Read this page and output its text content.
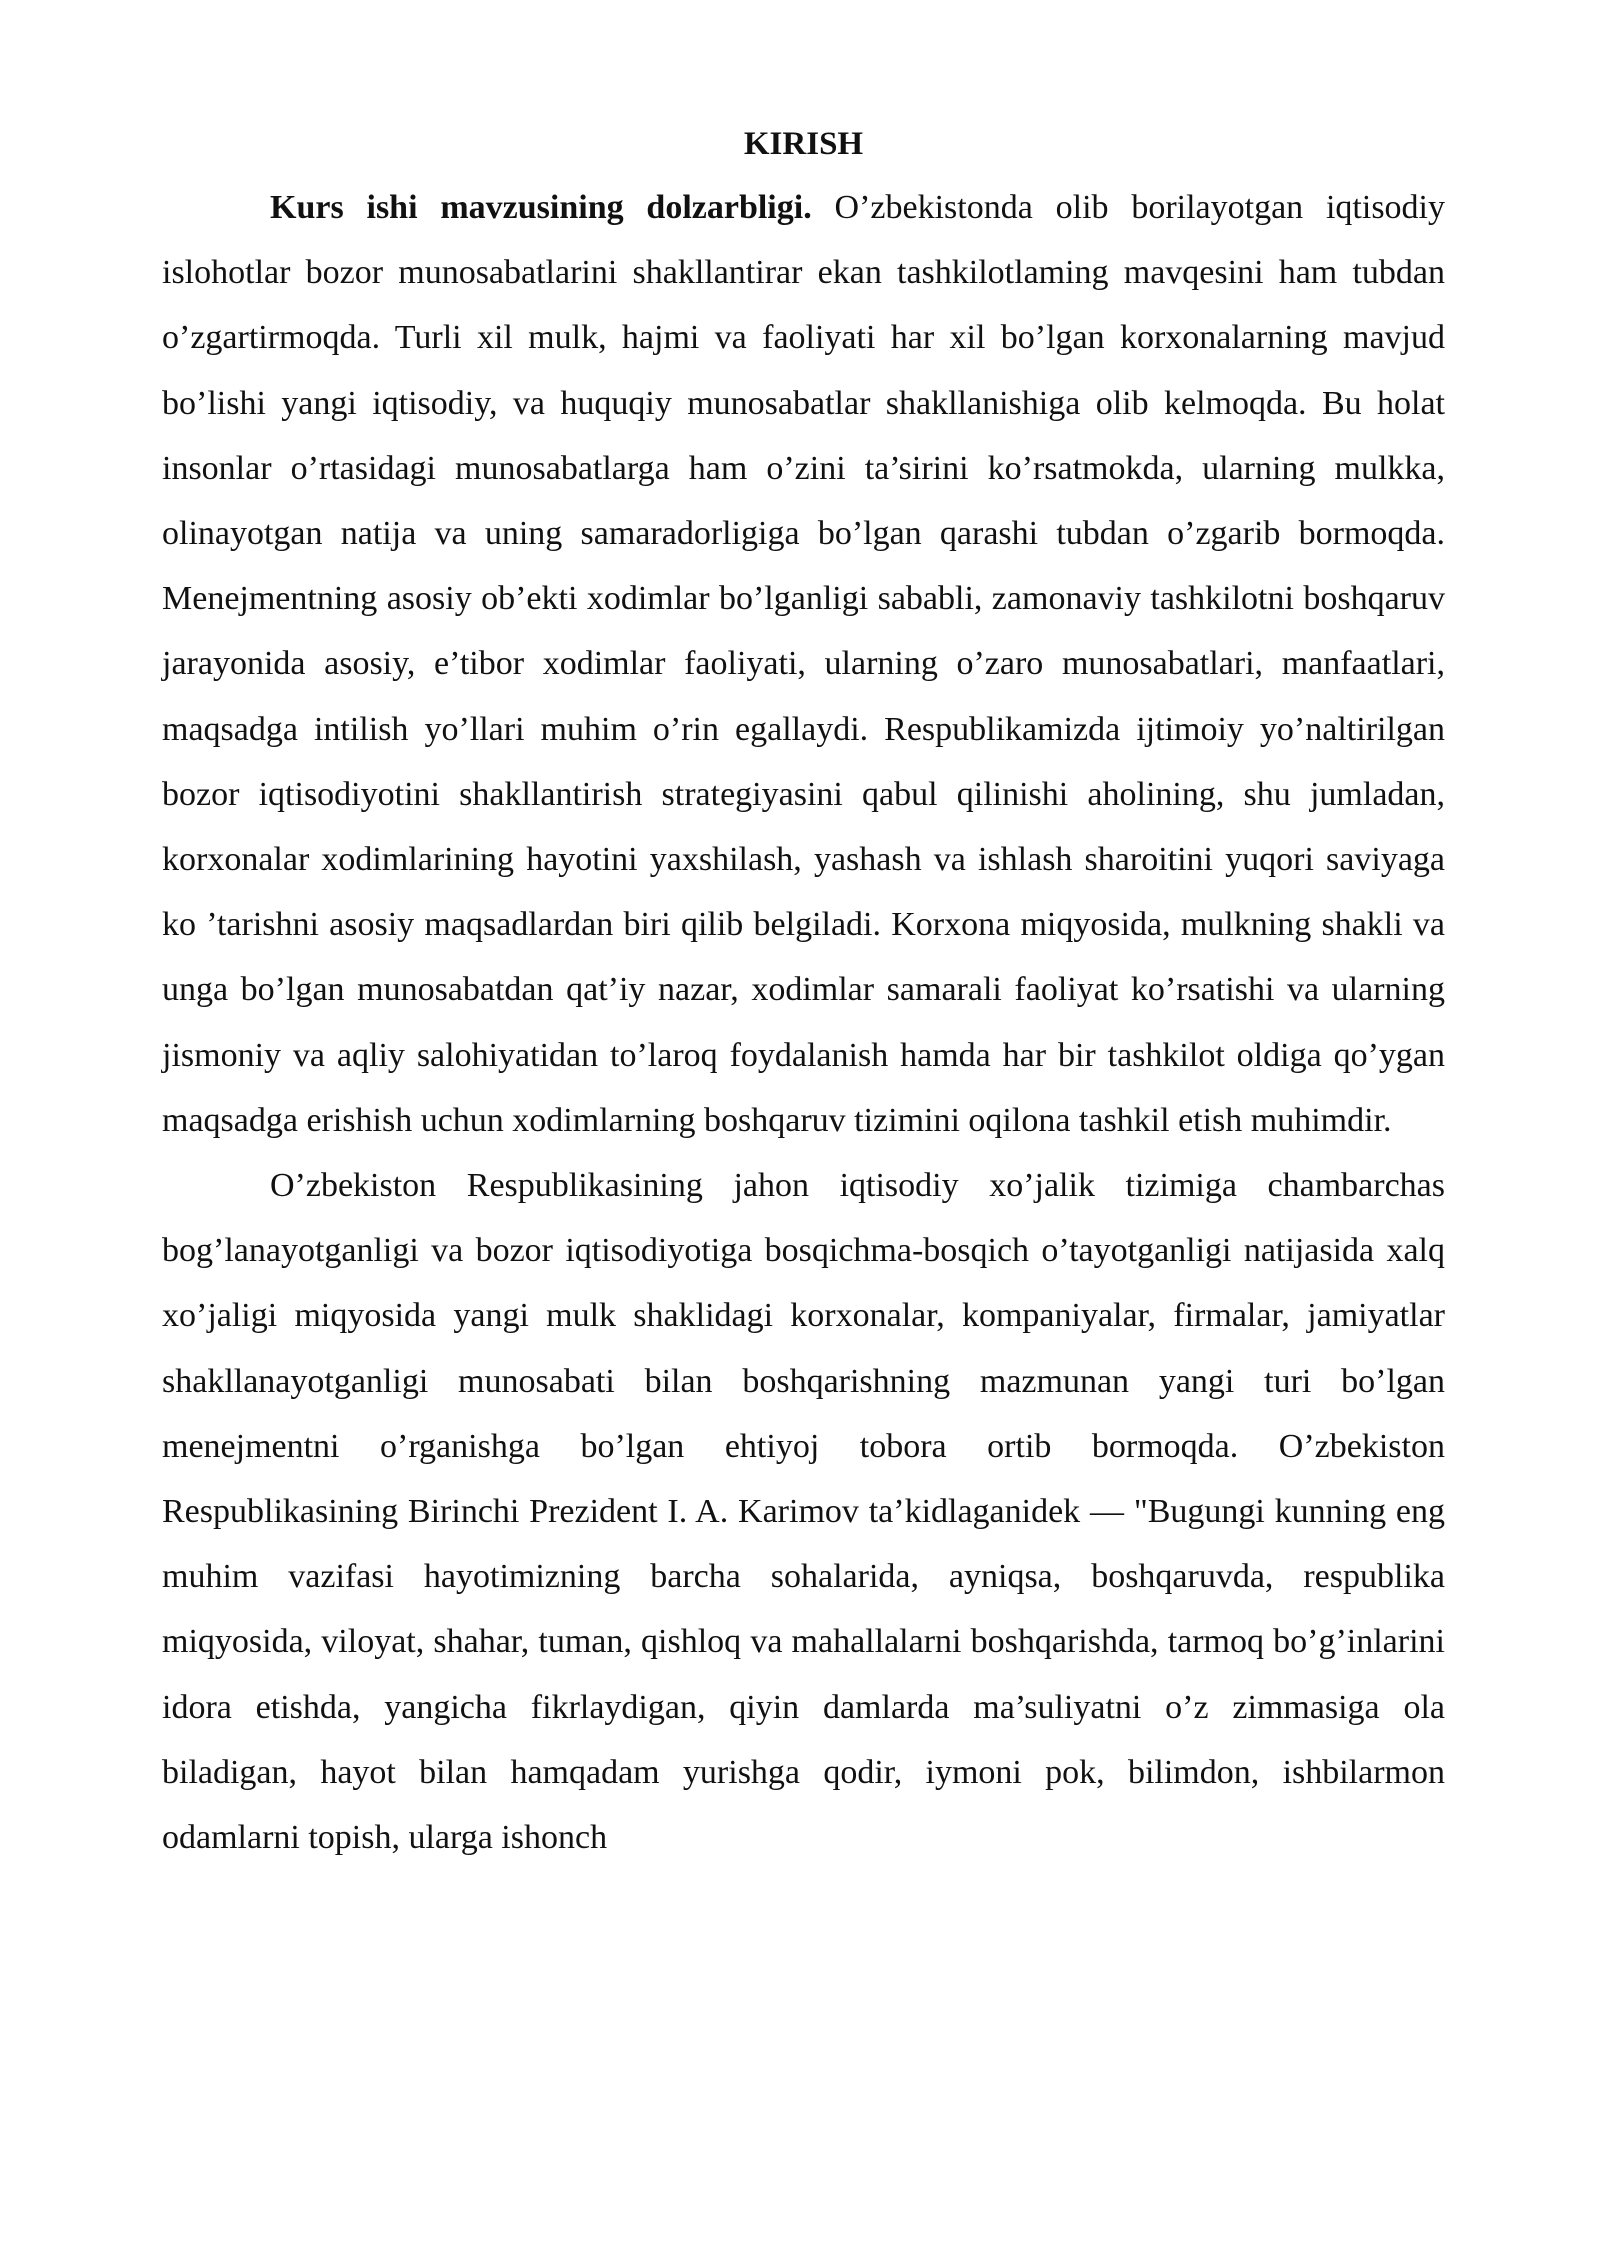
KIRISH

Kurs ishi mavzusining dolzarbligi. O’zbekistonda olib borilayotgan iqtisodiy islohotlar bozor munosabatlarini shakllantirar ekan tashkilotlaming mavqesini ham tubdan o’zgartirmoqda. Turli xil mulk, hajmi va faoliyati har xil bo’lgan korxonalarning mavjud bo’lishi yangi iqtisodiy, va huquqiy munosabatlar shakllanishiga olib kelmoqda. Bu holat insonlar o’rtasidagi munosabatlarga ham o’zini ta’sirini ko’rsatmokda, ularning mulkka, olinayotgan natija va uning samaradorligiga bo’lgan qarashi tubdan o’zgarib bormoqda. Menejmentning asosiy ob’ekti xodimlar bo’lganligi sababli, zamonaviy tashkilotni boshqaruv jarayonida asosiy, e’tibor xodimlar faoliyati, ularning o’zaro munosabatlari, manfaatlari, maqsadga intilish yo’llari muhim o’rin egallaydi. Respublikamizda ijtimoiy yo’naltirilgan bozor iqtisodiyotini shakllantirish strategiyasini qabul qilinishi aholining, shu jumladan, korxonalar xodimlarining hayotini yaxshilash, yashash va ishlash sharoitini yuqori saviyaga ko ’tarishni asosiy maqsadlardan biri qilib belgiladi. Korxona miqyosida, mulkning shakli va unga bo’lgan munosabatdan qat’iy nazar, xodimlar samarali faoliyat ko’rsatishi va ularning jismoniy va aqliy salohiyatidan to’laroq foydalanish hamda har bir tashkilot oldiga qo’ygan maqsadga erishish uchun xodimlarning boshqaruv tizimini oqilona tashkil etish muhimdir.

O’zbekiston Respublikasining jahon iqtisodiy xo’jalik tizimiga chambarchas bog’lanayotganligi va bozor iqtisodiyotiga bosqichma-bosqich o’tayotganligi natijasida xalq xo’jaligi miqyosida yangi mulk shaklidagi korxonalar, kompaniyalar, firmalar, jamiyatlar shakllanayotganligi munosabati bilan boshqarishning mazmunan yangi turi bo’lgan menejmentni o’rganishga bo’lgan ehtiyoj tobora ortib bormoqda. O’zbekiston Respublikasining Birinchi Prezident I. A. Karimov ta’kidlaganidek — "Bugungi kunning eng muhim vazifasi hayotimizning barcha sohalarida, ayniqsa, boshqaruvda, respublika miqyosida, viloyat, shahar, tuman, qishloq va mahallalarni boshqarishda, tarmoq bo’g’inlarini idora etishda, yangicha fikrlaydigan, qiyin damlarda ma’suliyatni o’z zimmasiga ola biladigan, hayot bilan hamqadam yurishga qodir, iymoni pok, bilimdon, ishbilarmon odamlarni topish, ularga ishonch
